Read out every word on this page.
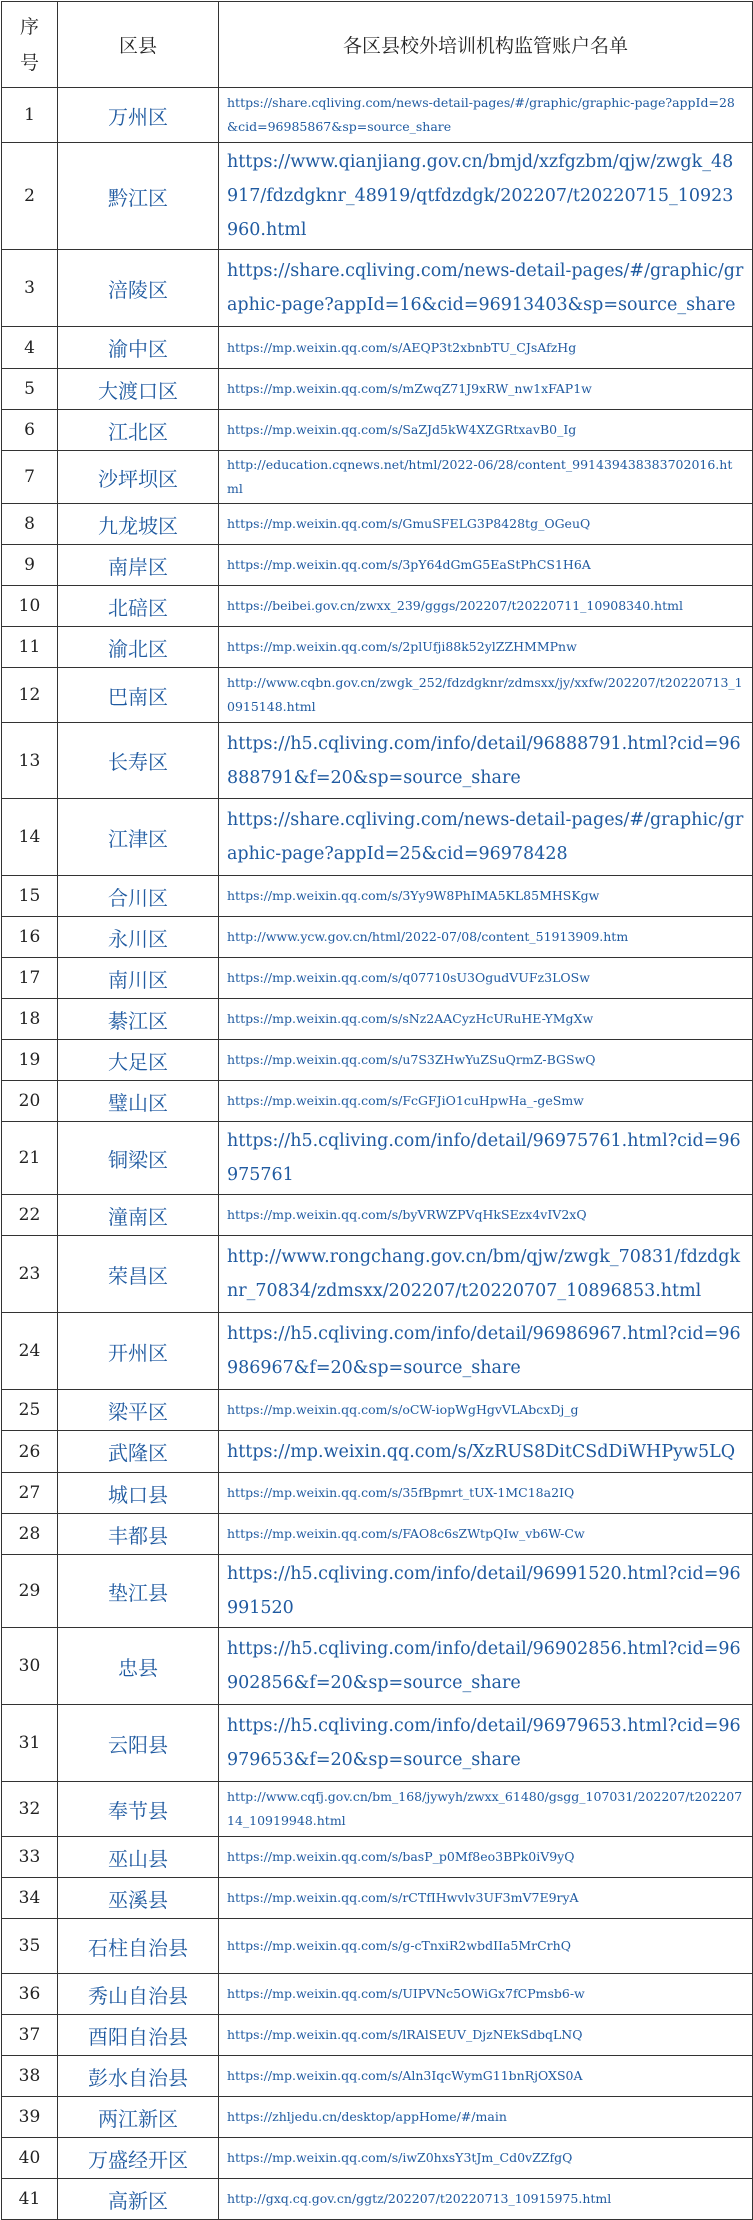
序
号	区县	各区县校外培训机构监管账户名单
1	万州区	https://share.cqliving.com/news-detail-pages/#/graphic/graphic-page?appId=28&cid=96985867&sp=source_share
2	黔江区	https://www.qianjiang.gov.cn/bmjd/xzfgzbm/qjw/zwgk_48917/fdzdgknr_48919/qtfdzdgk/202207/t20220715_10923960.html
3	涪陵区	https://share.cqliving.com/news-detail-pages/#/graphic/graphic-page?appId=16&cid=96913403&sp=source_share
4	渝中区	https://mp.weixin.qq.com/s/AEQP3t2xbnbTU_CJsAfzHg
5	大渡口区	https://mp.weixin.qq.com/s/mZwqZ71J9xRW_nw1xFAP1w
6	江北区	https://mp.weixin.qq.com/s/SaZJd5kW4XZGRtxavB0_Ig
7	沙坪坝区	http://education.cqnews.net/html/2022-06/28/content_991439438383702016.html
8	九龙坡区	https://mp.weixin.qq.com/s/GmuSFELG3P8428tg_OGeuQ
9	南岸区	https://mp.weixin.qq.com/s/3pY64dGmG5EaStPhCS1H6A
10	北碚区	https://beibei.gov.cn/zwxx_239/gggs/202207/t20220711_10908340.html
11	渝北区	https://mp.weixin.qq.com/s/2plUfji88k52ylZZHMMPnw
12	巴南区	http://www.cqbn.gov.cn/zwgk_252/fdzdgknr/zdmsxx/jy/xxfw/202207/t20220713_10915148.html
13	长寿区	https://h5.cqliving.com/info/detail/96888791.html?cid=96888791&f=20&sp=source_share
14	江津区	https://share.cqliving.com/news-detail-pages/#/graphic/graphic-page?appId=25&cid=96978428
15	合川区	https://mp.weixin.qq.com/s/3Yy9W8PhIMA5KL85MHSKgw
16	永川区	http://www.ycw.gov.cn/html/2022-07/08/content_51913909.htm
17	南川区	https://mp.weixin.qq.com/s/q07710sU3OgudVUFz3LOSw
18	綦江区	https://mp.weixin.qq.com/s/sNz2AACyzHcURuHE-YMgXw
19	大足区	https://mp.weixin.qq.com/s/u7S3ZHwYuZSuQrmZ-BGSwQ
20	璧山区	https://mp.weixin.qq.com/s/FcGFJiO1cuHpwHa_-geSmw
21	铜梁区	https://h5.cqliving.com/info/detail/96975761.html?cid=96975761
22	潼南区	https://mp.weixin.qq.com/s/byVRWZPVqHkSEzx4vIV2xQ
23	荣昌区	http://www.rongchang.gov.cn/bm/qjw/zwgk_70831/fdzdgknr_70834/zdmsxx/202207/t20220707_10896853.html
24	开州区	https://h5.cqliving.com/info/detail/96986967.html?cid=96986967&f=20&sp=source_share
25	梁平区	https://mp.weixin.qq.com/s/oCW-iopWgHgvVLAbcxDj_g
26	武隆区	https://mp.weixin.qq.com/s/XzRUS8DitCSdDiWHPyw5LQ
27	城口县	https://mp.weixin.qq.com/s/35fBpmrt_tUX-1MC18a2IQ
28	丰都县	https://mp.weixin.qq.com/s/FAO8c6sZWtpQIw_vb6W-Cw
29	垫江县	https://h5.cqliving.com/info/detail/96991520.html?cid=96991520
30	忠县	https://h5.cqliving.com/info/detail/96902856.html?cid=96902856&f=20&sp=source_share
31	云阳县	https://h5.cqliving.com/info/detail/96979653.html?cid=96979653&f=20&sp=source_share
32	奉节县	http://www.cqfj.gov.cn/bm_168/jywyh/zwxx_61480/gsgg_107031/202207/t20220714_10919948.html
33	巫山县	https://mp.weixin.qq.com/s/basP_p0Mf8eo3BPk0iV9yQ
34	巫溪县	https://mp.weixin.qq.com/s/rCTfIHwvlv3UF3mV7E9ryA
35	石柱自治县	https://mp.weixin.qq.com/s/g-cTnxiR2wbdIIa5MrCrhQ
36	秀山自治县	https://mp.weixin.qq.com/s/UIPVNc5OWiGx7fCPmsb6-w
37	酉阳自治县	https://mp.weixin.qq.com/s/lRAlSEUV_DjzNEkSdbqLNQ
38	彭水自治县	https://mp.weixin.qq.com/s/Aln3IqcWymG11bnRjOXS0A
39	两江新区	https://zhljedu.cn/desktop/appHome/#/main
40	万盛经开区	https://mp.weixin.qq.com/s/iwZ0hxsY3tJm_Cd0vZZfgQ
41	高新区	http://gxq.cq.gov.cn/ggtz/202207/t20220713_10915975.html
